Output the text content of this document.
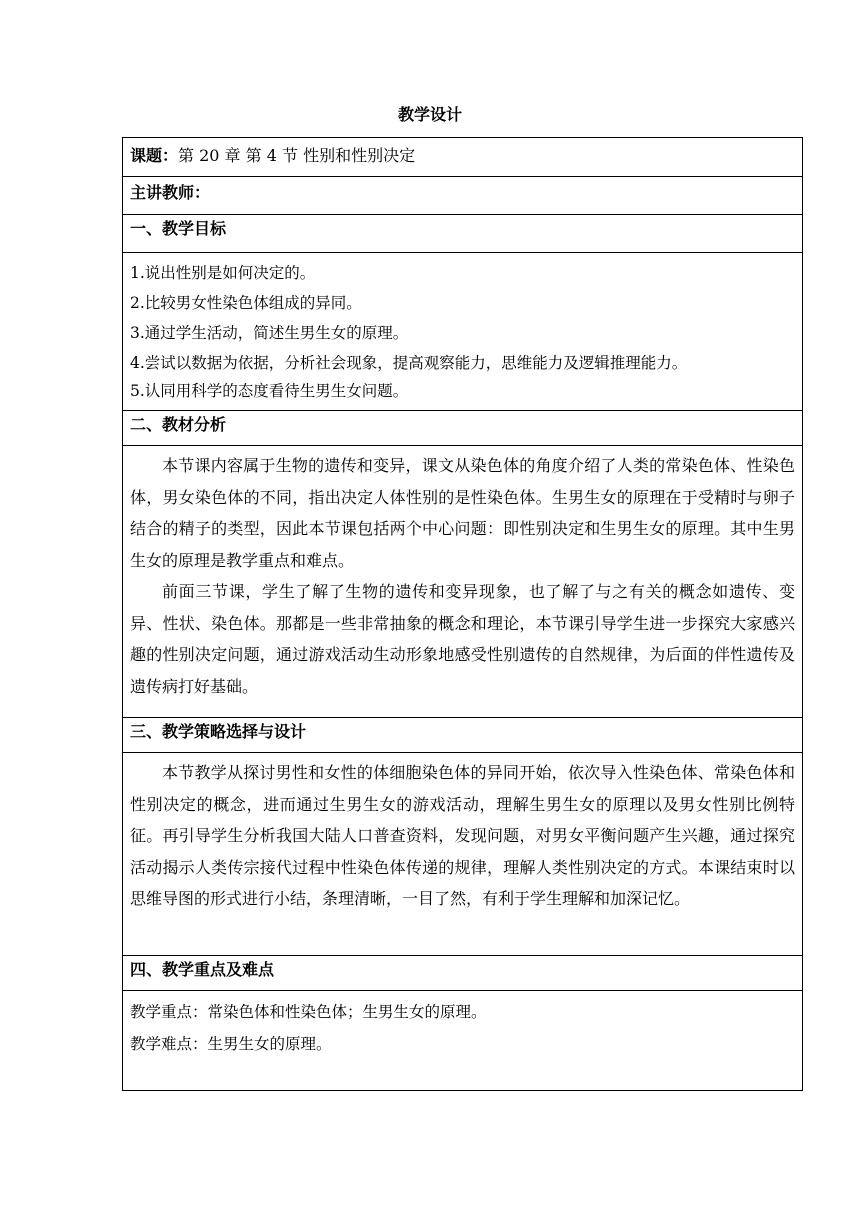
教学设计
课题：第 20 章 第 4 节 性别和性别决定
主讲教师：
一、教学目标
1.说出性别是如何决定的。
2.比较男女性染色体组成的异同。
3.通过学生活动，简述生男生女的原理。
4.尝试以数据为依据，分析社会现象，提高观察能力，思维能力及逻辑推理能力。
5.认同用科学的态度看待生男生女问题。
二、教材分析

本节课内容属于生物的遗传和变异，课文从染色体的角度介绍了人类的常染色体、性染色体，男女染色体的不同，指出决定人体性别的是性染色体。生男生女的原理在于受精时与卵子结合的精子的类型，因此本节课包括两个中心问题：即性别决定和生男生女的原理。其中生男生女的原理是教学重点和难点。

前面三节课，学生了解了生物的遗传和变异现象，也了解了与之有关的概念如遗传、变异、性状、染色体。那都是一些非常抽象的概念和理论，本节课引导学生进一步探究大家感兴趣的性别决定问题，通过游戏活动生动形象地感受性别遗传的自然规律，为后面的伴性遗传及遗传病打好基础。

三、教学策略选择与设计

本节教学从探讨男性和女性的体细胞染色体的异同开始，依次导入性染色体、常染色体和性别决定的概念，进而通过生男生女的游戏活动，理解生男生女的原理以及男女性别比例特征。再引导学生分析我国大陆人口普查资料，发现问题，对男女平衡问题产生兴趣，通过探究活动揭示人类传宗接代过程中性染色体传递的规律，理解人类性别决定的方式。本课结束时以思维导图的形式进行小结，条理清晰，一目了然，有利于学生理解和加深记忆。

四、教学重点及难点
教学重点：常染色体和性染色体；生男生女的原理。
教学难点：生男生女的原理。
